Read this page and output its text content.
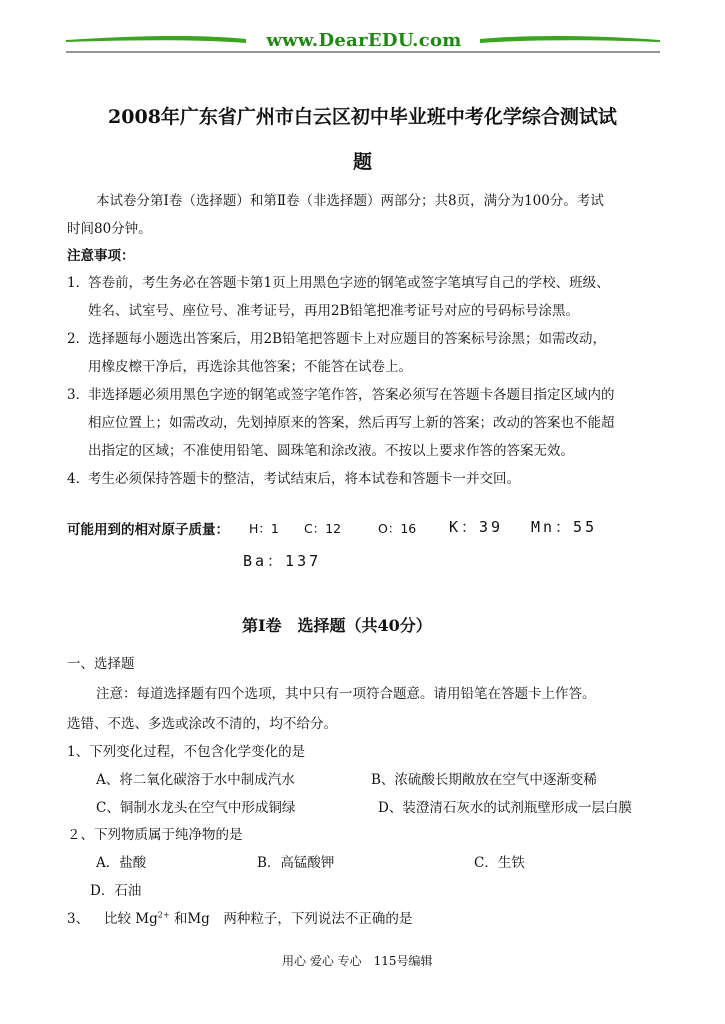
www.DearEDU.com
2008年广东省广州市白云区初中毕业班中考化学综合测试试
题
本试卷分第Ⅰ卷（选择题）和第Ⅱ卷（非选择题）两部分；共8页，满分为100分。考试
时间80分钟。
注意事项：
1．
答卷前，考生务必在答题卡第1页上用黑色字迹的钢笔或签字笔填写自己的学校、班级、
姓名、试室号、座位号、准考证号，再用2B铅笔把准考证号对应的号码标号涂黑。
2．
选择题每小题选出答案后，用2B铅笔把答题卡上对应题目的答案标号涂黑；如需改动，
用橡皮檫干净后，再选涂其他答案；不能答在试卷上。
3．
非选择题必须用黑色字迹的钢笔或签字笔作答，答案必须写在答题卡各题目指定区域内的
相应位置上；如需改动，先划掉原来的答案，然后再写上新的答案；改动的答案也不能超
出指定的区域；不准使用铅笔、圆珠笔和涂改液。不按以上要求作答的答案无效。
4．
考生必须保持答题卡的整洁，考试结束后，将本试卷和答题卡一并交回。
可能用到的相对原子质量： H：1 C：12	O：16 K：39 Mn：55
Ba：137
第Ⅰ卷　选择题（共40分）
一、选择题
注意：每道选择题有四个选项，其中只有一项符合题意。请用铅笔在答题卡上作答。
选错、不选、多选或涂改不清的，均不给分。
1、下列变化过程，不包含化学变化的是
A、将二氧化碳溶于水中制成汽水	B、浓硫酸长期敞放在空气中逐渐变稀
C、铜制水龙头在空气中形成铜绿	D、装澄清石灰水的试剂瓶壁形成一层白膜
２、下列物质属于纯净物的是
A．盐酸	B．高锰酸钾	C．生铁
D．石油
3、 比较 $Mg^{2+}$ 和Mg　两种粒子，下列说法不正确的是
用心 爱心 专心　115号编辑
